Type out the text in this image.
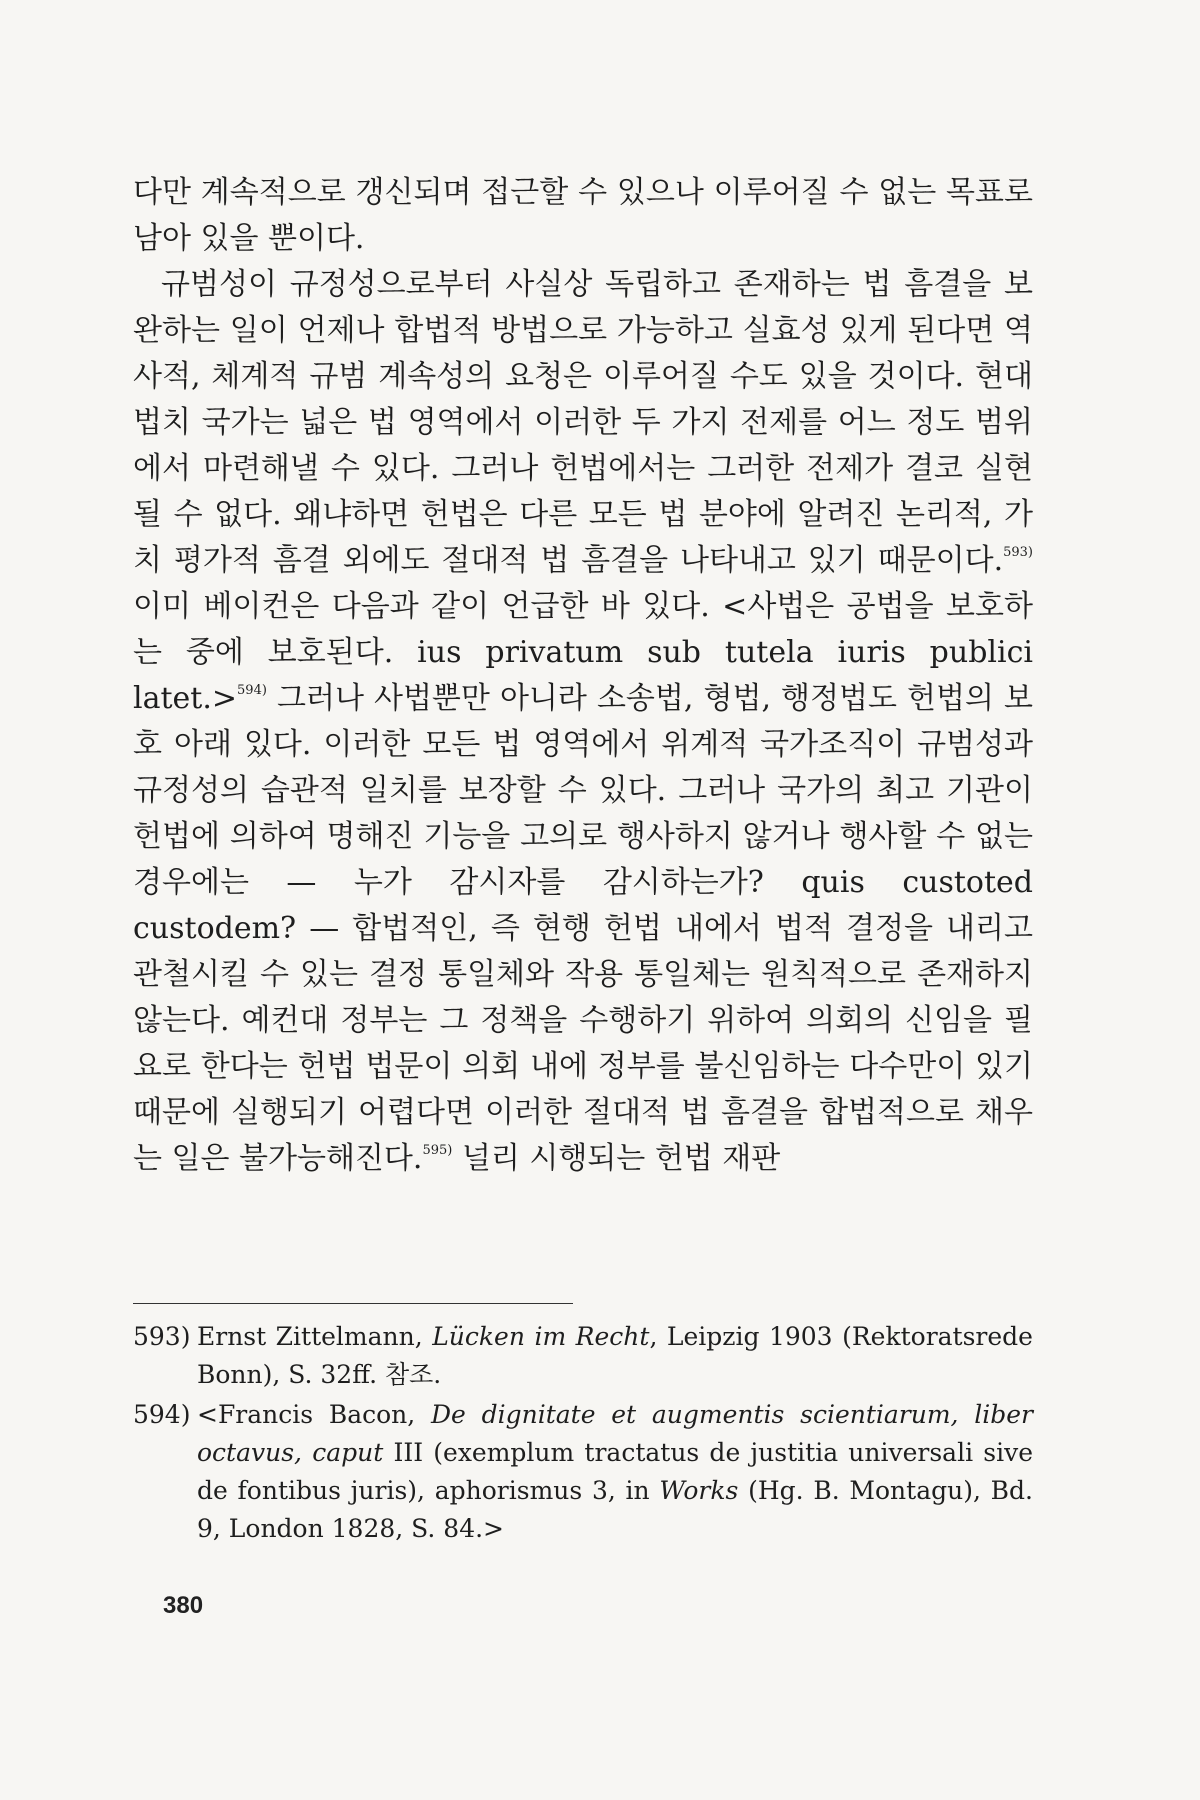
다만 계속적으로 갱신되며 접근할 수 있으나 이루어질 수 없는 목표로 남아 있을 뿐이다.

규범성이 규정성으로부터 사실상 독립하고 존재하는 법 흠결을 보완하는 일이 언제나 합법적 방법으로 가능하고 실효성 있게 된다면 역사적, 체계적 규범 계속성의 요청은 이루어질 수도 있을 것이다. 현대 법치 국가는 넓은 법 영역에서 이러한 두 가지 전제를 어느 정도 범위에서 마련해낼 수 있다. 그러나 헌법에서는 그러한 전제가 결코 실현될 수 없다. 왜냐하면 헌법은 다른 모든 법 분야에 알려진 논리적, 가치 평가적 흠결 외에도 절대적 법 흠결을 나타내고 있기 때문이다.$^{593)}$ 이미 베이컨은 다음과 같이 언급한 바 있다. <사법은 공법을 보호하는 중에 보호된다. ius privatum sub tutela iuris publici latet.>$^{594)}$ 그러나 사법뿐만 아니라 소송법, 형법, 행정법도 헌법의 보호 아래 있다. 이러한 모든 법 영역에서 위계적 국가조직이 규범성과 규정성의 습관적 일치를 보장할 수 있다. 그러나 국가의 최고 기관이 헌법에 의하여 명해진 기능을 고의로 행사하지 않거나 행사할 수 없는 경우에는 — 누가 감시자를 감시하는가? quis custoted custodem? — 합법적인, 즉 현행 헌법 내에서 법적 결정을 내리고 관철시킬 수 있는 결정 통일체와 작용 통일체는 원칙적으로 존재하지 않는다. 예컨대 정부는 그 정책을 수행하기 위하여 의회의 신임을 필요로 한다는 헌법 법문이 의회 내에 정부를 불신임하는 다수만이 있기 때문에 실행되기 어렵다면 이러한 절대적 법 흠결을 합법적으로 채우는 일은 불가능해진다.$^{595)}$ 널리 시행되는 헌법 재판

593) Ernst Zittelmann, Lücken im Recht, Leipzig 1903 (Rektoratsrede Bonn), S. 32ff. 참조.
594) <Francis Bacon, De dignitate et augmentis scientiarum, liber octavus, caput III (exemplum tractatus de justitia universali sive de fontibus juris), aphorismus 3, in Works (Hg. B. Montagu), Bd. 9, London 1828, S. 84.>
380
